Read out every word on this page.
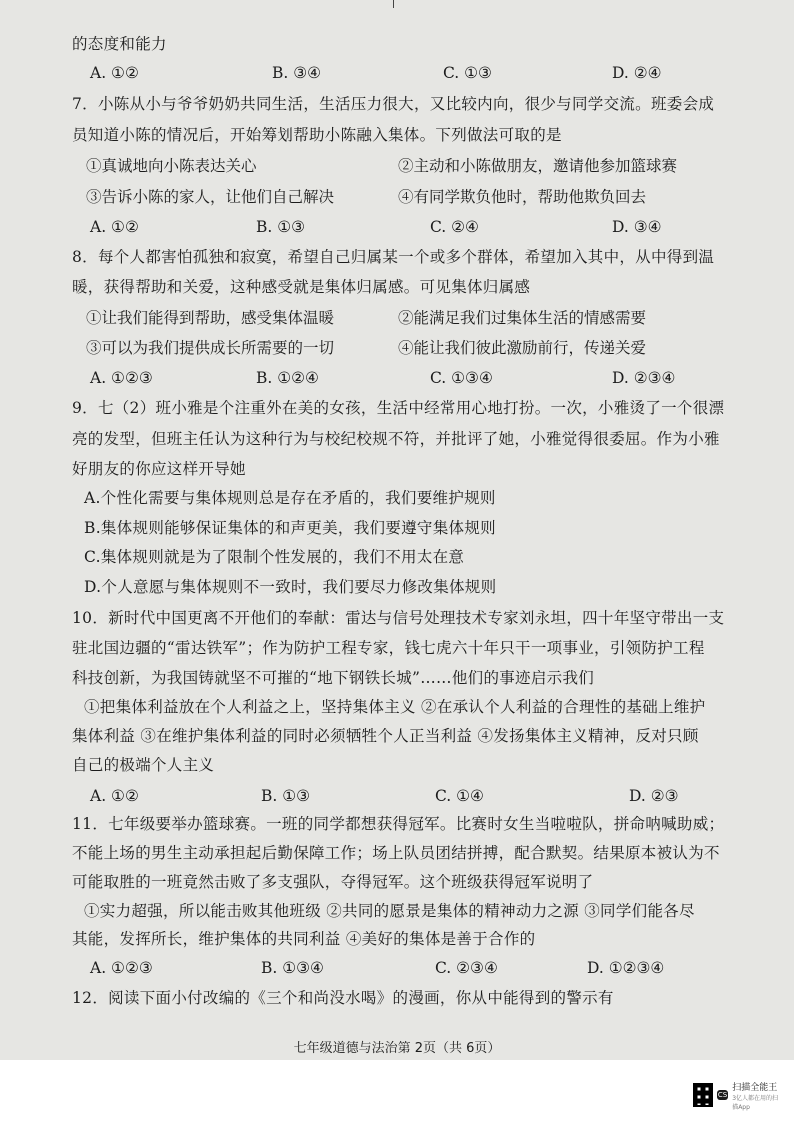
的态度和能力
7．小陈从小与爷爷奶奶共同生活，生活压力很大，又比较内向，很少与同学交流。班委会成
员知道小陈的情况后，开始筹划帮助小陈融入集体。下列做法可取的是
8．每个人都害怕孤独和寂寞，希望自己归属某一个或多个群体，希望加入其中，从中得到温
暖，获得帮助和关爱，这种感受就是集体归属感。可见集体归属感
9．七（2）班小雅是个注重外在美的女孩，生活中经常用心地打扮。一次，小雅烫了一个很漂
亮的发型，但班主任认为这种行为与校纪校规不符，并批评了她，小雅觉得很委屈。作为小雅
好朋友的你应这样开导她
A.个性化需要与集体规则总是存在矛盾的，我们要维护规则
B.集体规则能够保证集体的和声更美，我们要遵守集体规则
C.集体规则就是为了限制个性发展的，我们不用太在意
D.个人意愿与集体规则不一致时，我们要尽力修改集体规则
10．新时代中国更离不开他们的奉献：雷达与信号处理技术专家刘永坦，四十年坚守带出一支
驻北国边疆的“雷达铁军”；作为防护工程专家，钱七虎六十年只干一项事业，引领防护工程
科技创新，为我国铸就坚不可摧的“地下钢铁长城”……他们的事迹启示我们
①把集体利益放在个人利益之上，坚持集体主义 ②在承认个人利益的合理性的基础上维护
集体利益 ③在维护集体利益的同时必须牺牲个人正当利益 ④发扬集体主义精神，反对只顾
自己的极端个人主义
11．七年级要举办篮球赛。一班的同学都想获得冠军。比赛时女生当啦啦队，拼命呐喊助威；
不能上场的男生主动承担起后勤保障工作；场上队员团结拼搏，配合默契。结果原本被认为不
可能取胜的一班竟然击败了多支强队，夺得冠军。这个班级获得冠军说明了
①实力超强，所以能击败其他班级 ②共同的愿景是集体的精神动力之源 ③同学们能各尽
其能，发挥所长，维护集体的共同利益 ④美好的集体是善于合作的
12．阅读下面小付改编的《三个和尚没水喝》的漫画，你从中能得到的警示有
①真诚地向小陈表达关心	②主动和小陈做朋友，邀请他参加篮球赛
③告诉小陈的家人，让他们自己解决	④有同学欺负他时，帮助他欺负回去
①让我们能得到帮助，感受集体温暖	②能满足我们过集体生活的情感需要
③可以为我们提供成长所需要的一切	④能让我们彼此激励前行，传递关爱
A. ①②	B. ③④	C. ①③	D. ②④
A. ①②	B. ①③	C. ②④	D. ③④
A. ①②③	B. ①②④	C. ①③④	D. ②③④
A. ①②	B. ①③	C. ①④	D. ②③
A. ①②③	B. ①③④	C. ②③④	D. ①②③④
七年级道德与法治第 2页（共 6页）
CS
扫描全能王
3亿人都在用的扫描App
